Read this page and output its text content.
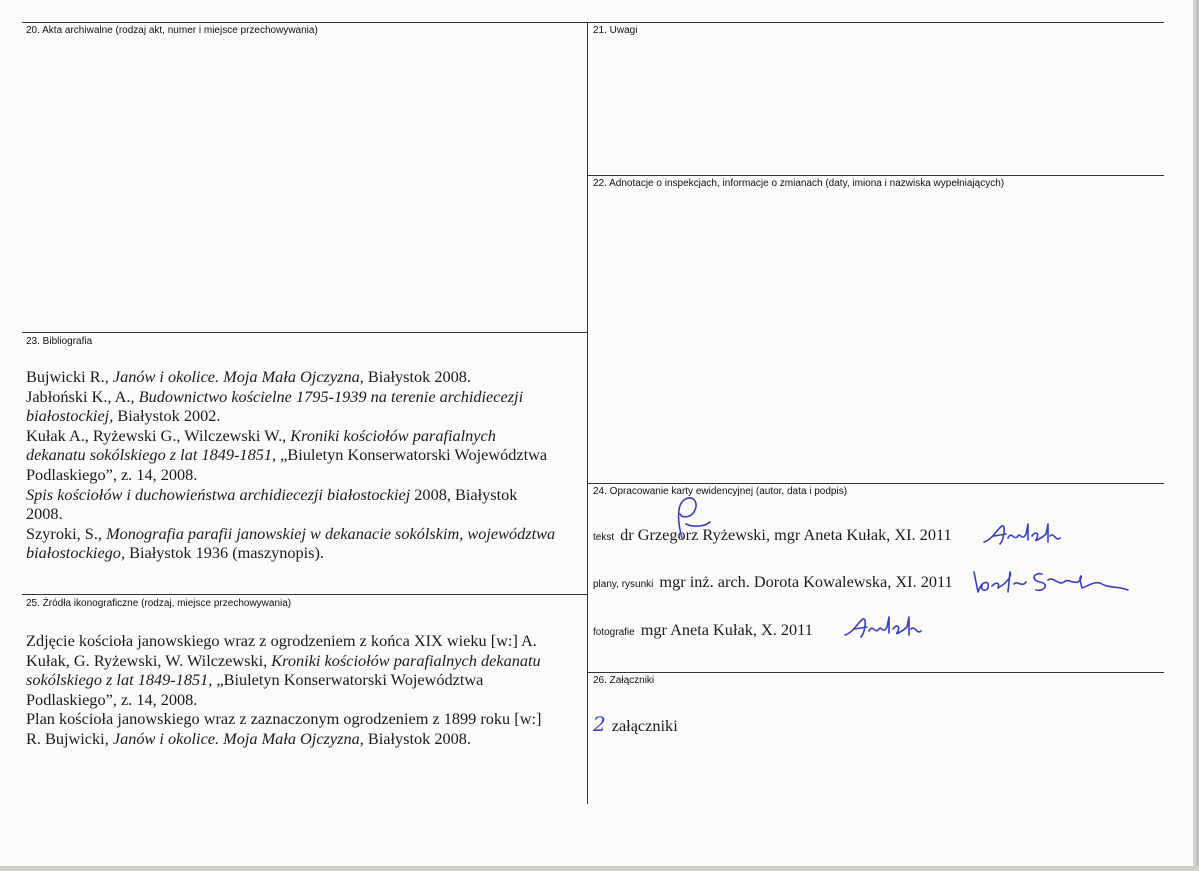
20. Akta archiwalne (rodzaj akt, numer i miejsce przechowywania)	21. Uwagi
22. Adnotacje o inspekcjach, informacje o zmianach (daty, imiona i nazwiska wypełniających)
23. Bibliografia
24. Opracowanie karty ewidencyjnej (autor, data i podpis)
25. Źródła ikonograficzne (rodzaj, miejsce przechowywania)
26. Załączniki
Bujwicki R., Janów i okolice. Moja Mała Ojczyzna, Białystok 2008.
Jabłoński K., A., Budownictwo kościelne 1795-1939 na terenie archidiecezji
białostockiej, Białystok 2002.
Kułak A., Ryżewski G., Wilczewski W., Kroniki kościołów parafialnych
dekanatu sokólskiego z lat 1849-1851, „Biuletyn Konserwatorski Województwa
Podlaskiego”, z. 14, 2008.
Spis kościołów i duchowieństwa archidiecezji białostockiej 2008, Białystok
2008.
Szyroki, S., Monografia parafii janowskiej w dekanacie sokólskim, województwa
białostockiego, Białystok 1936 (maszynopis).
Zdjęcie kościoła janowskiego wraz z ogrodzeniem z końca XIX wieku [w:] A.
Kułak, G. Ryżewski, W. Wilczewski, Kroniki kościołów parafialnych dekanatu
sokólskiego z lat 1849-1851, „Biuletyn Konserwatorski Województwa
Podlaskiego”, z. 14, 2008.
Plan kościoła janowskiego wraz z zaznaczonym ogrodzeniem z 1899 roku [w:]
R. Bujwicki, Janów i okolice. Moja Mała Ojczyzna, Białystok 2008.
tekst dr Grzegorz Ryżewski, mgr Aneta Kułak, XI. 2011
plany, rysunki mgr inż. arch. Dorota Kowalewska, XI. 2011
fotografie mgr Aneta Kułak, X. 2011
2 załączniki
